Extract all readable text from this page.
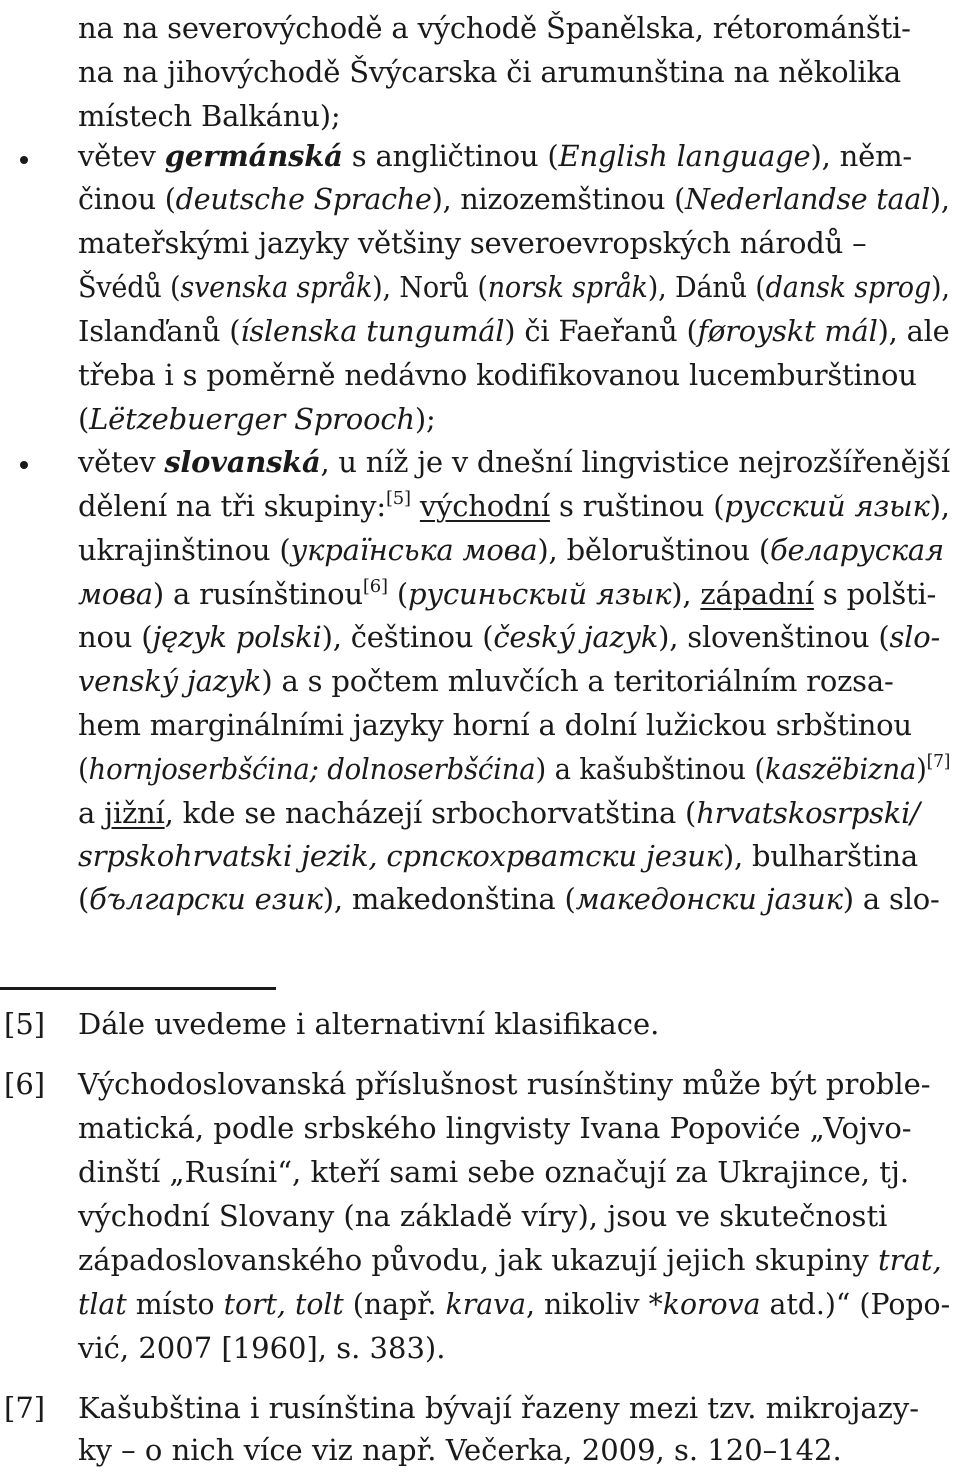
na na severovýchodě a východě Španělska, rétorománšti-
na na jihovýchodě Švýcarska či arumunština na několika
místech Balkánu);
větev germánská s angličtinou (English language), něm-
činou (deutsche Sprache), nizozemštinou (Nederlandse taal),
mateřskými jazyky většiny severoevropských národů –
Švédů (svenska språk), Norů (norsk språk), Dánů (dansk sprog),
Islanďanů (íslenska tungumál) či Faeřanů (føroyskt mál), ale
třeba i s poměrně nedávno kodifikovanou lucemburštinou
(Lëtzebuerger Sprooch);
větev slovanská, u níž je v dnešní lingvistice nejrozšířenější
dělení na tři skupiny:[5] východní s ruštinou (русский язык),
ukrajinštinou (українська мова), běloruštinou (беларуская
мова) a rusínštinou[6] (русиньскый язык), západní s polšti-
nou (język polski), češtinou (český jazyk), slovenštinou (slo-
venský jazyk) a s počtem mluvčích a teritoriálním rozsa-
hem marginálními jazyky horní a dolní lužickou srbštinou
(hornjoserbšćina; dolnoserbšćina) a kašubštinou (kaszëbizna)[7]
a jižní, kde se nacházejí srbochorvatština (hrvatskosrpski/
srpskohrvatski jezik, српскохрватски језик), bulharština
(български език), makedonština (македонски јазик) a slo-
[5] Dále uvedeme i alternativní klasifikace.
[6] Východoslovanská příslušnost rusínštiny může být proble-
matická, podle srbského lingvisty Ivana Popoviće „Vojvo-
dinští „Rusíni“, kteří sami sebe označují za Ukrajince, tj.
východní Slovany (na základě víry), jsou ve skutečnosti
západoslovanského původu, jak ukazují jejich skupiny trat,
tlat místo tort, tolt (např. krava, nikoliv *korova atd.)“ (Popo-
vić, 2007 [1960], s. 383).
[7] Kašubština i rusínština bývají řazeny mezi tzv. mikrojazy-
ky – o nich více viz např. Večerka, 2009, s. 120–142.
